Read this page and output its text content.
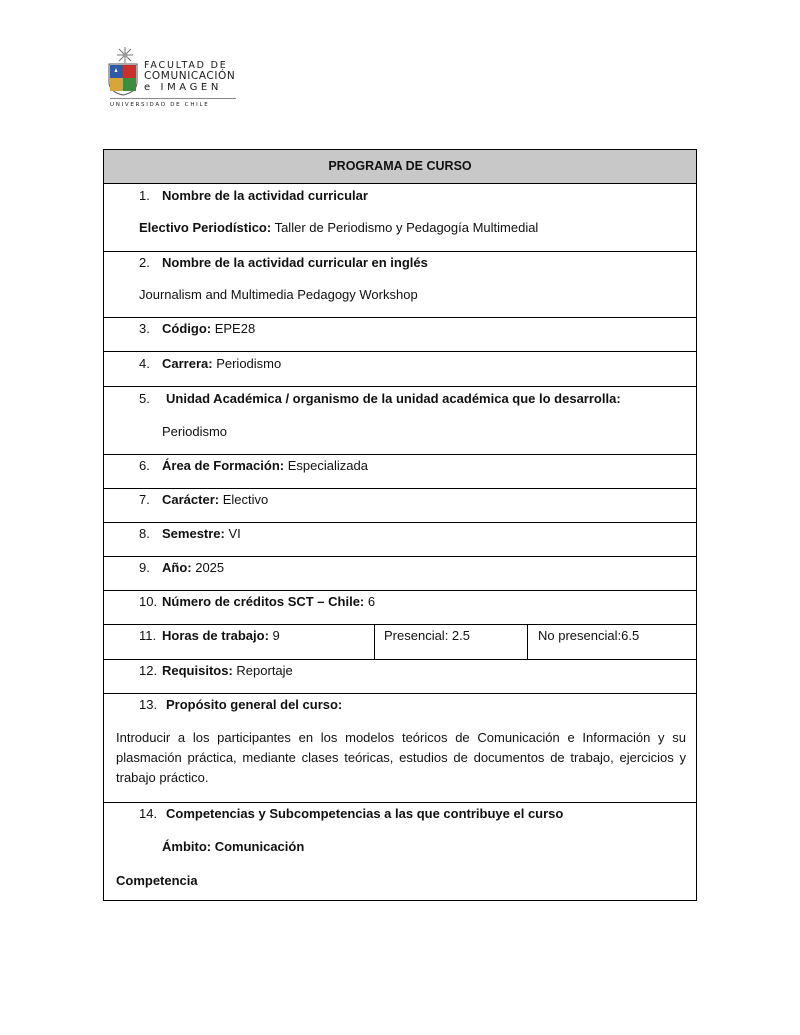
FACULTAD DE
COMUNICACIÓN
e IMAGEN
UNIVERSIDAD DE CHILE
PROGRAMA DE CURSO
1. Nombre de la actividad curricular
Electivo Periodístico: Taller de Periodismo y Pedagogía Multimedial
2. Nombre de la actividad curricular en inglés
Journalism and Multimedia Pedagogy Workshop
3. Código: EPE28
4. Carrera: Periodismo
5. Unidad Académica / organismo de la unidad académica que lo desarrolla:
Periodismo
6. Área de Formación: Especializada
7. Carácter: Electivo
8. Semestre: VI
9. Año: 2025
10. Número de créditos SCT – Chile: 6
11. Horas de trabajo: 9	Presencial: 2.5	No presencial:6.5
12. Requisitos: Reportaje
13. Propósito general del curso:
Introducir a los participantes en los modelos teóricos de Comunicación e Información y su plasmación práctica, mediante clases teóricas, estudios de documentos de trabajo, ejercicios y trabajo práctico.
14. Competencias y Subcompetencias a las que contribuye el curso
Ámbito: Comunicación
Competencia
